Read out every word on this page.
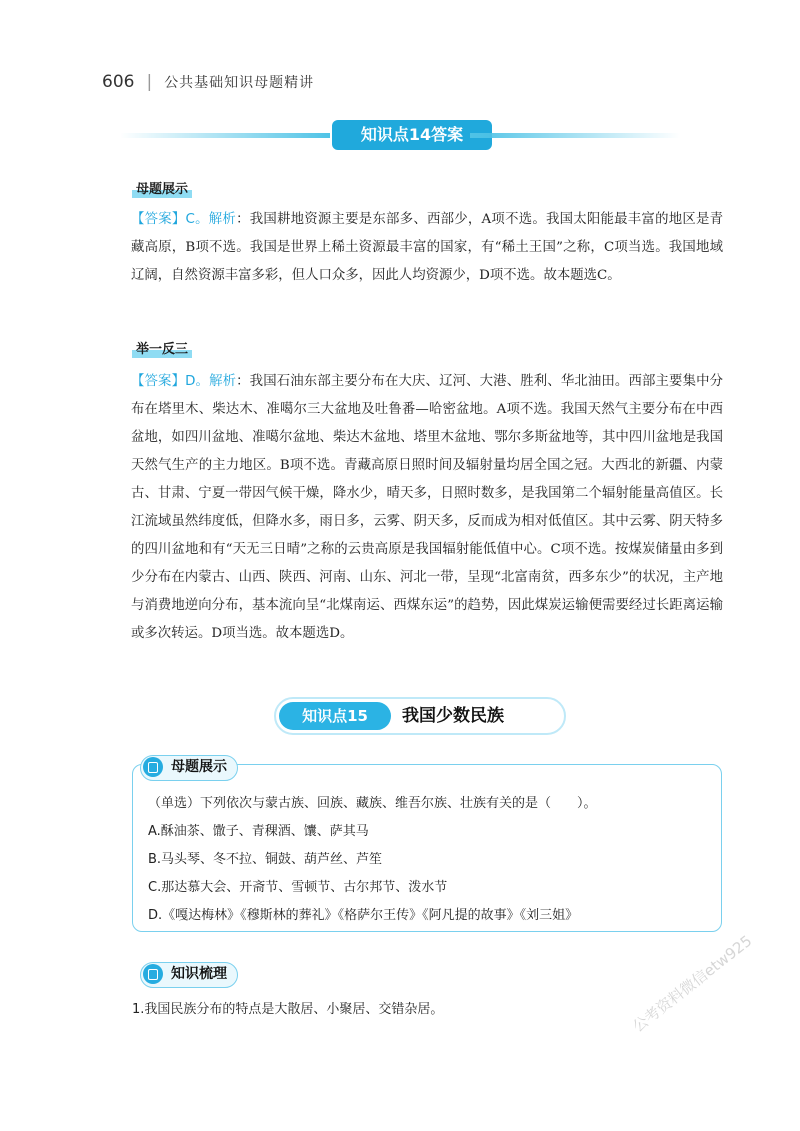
606 | 公共基础知识母题精讲
知识点14答案
母题展示
【答案】C。解析：我国耕地资源主要是东部多、西部少，A项不选。我国太阳能最丰富的地区是青藏高原，B项不选。我国是世界上稀土资源最丰富的国家，有“稀土王国”之称，C项当选。我国地域辽阔，自然资源丰富多彩，但人口众多，因此人均资源少，D项不选。故本题选C。
举一反三
【答案】D。解析：我国石油东部主要分布在大庆、辽河、大港、胜利、华北油田。西部主要集中分布在塔里木、柴达木、准噶尔三大盆地及吐鲁番—哈密盆地。A项不选。我国天然气主要分布在中西盆地，如四川盆地、准噶尔盆地、柴达木盆地、塔里木盆地、鄂尔多斯盆地等，其中四川盆地是我国天然气生产的主力地区。B项不选。青藏高原日照时间及辐射量均居全国之冠。大西北的新疆、内蒙古、甘肃、宁夏一带因气候干燥，降水少，晴天多，日照时数多，是我国第二个辐射能量高值区。长江流域虽然纬度低，但降水多，雨日多，云雾、阴天多，反而成为相对低值区。其中云雾、阴天特多的四川盆地和有“天无三日晴”之称的云贵高原是我国辐射能低值中心。C项不选。按煤炭储量由多到少分布在内蒙古、山西、陕西、河南、山东、河北一带，呈现“北富南贫，西多东少”的状况，主产地与消费地逆向分布，基本流向呈“北煤南运、西煤东运”的趋势，因此煤炭运输便需要经过长距离运输或多次转运。D项当选。故本题选D。
知识点15	我国少数民族
母题展示
（单选）下列依次与蒙古族、回族、藏族、维吾尔族、壮族有关的是（　　）。
A.酥油茶、馓子、青稞酒、馕、萨其马
B.马头琴、冬不拉、铜鼓、葫芦丝、芦笙
C.那达慕大会、开斋节、雪顿节、古尔邦节、泼水节
D.《嘎达梅林》《穆斯林的葬礼》《格萨尔王传》《阿凡提的故事》《刘三姐》
知识梳理
1.我国民族分布的特点是大散居、小聚居、交错杂居。	公考资料微信etw925
